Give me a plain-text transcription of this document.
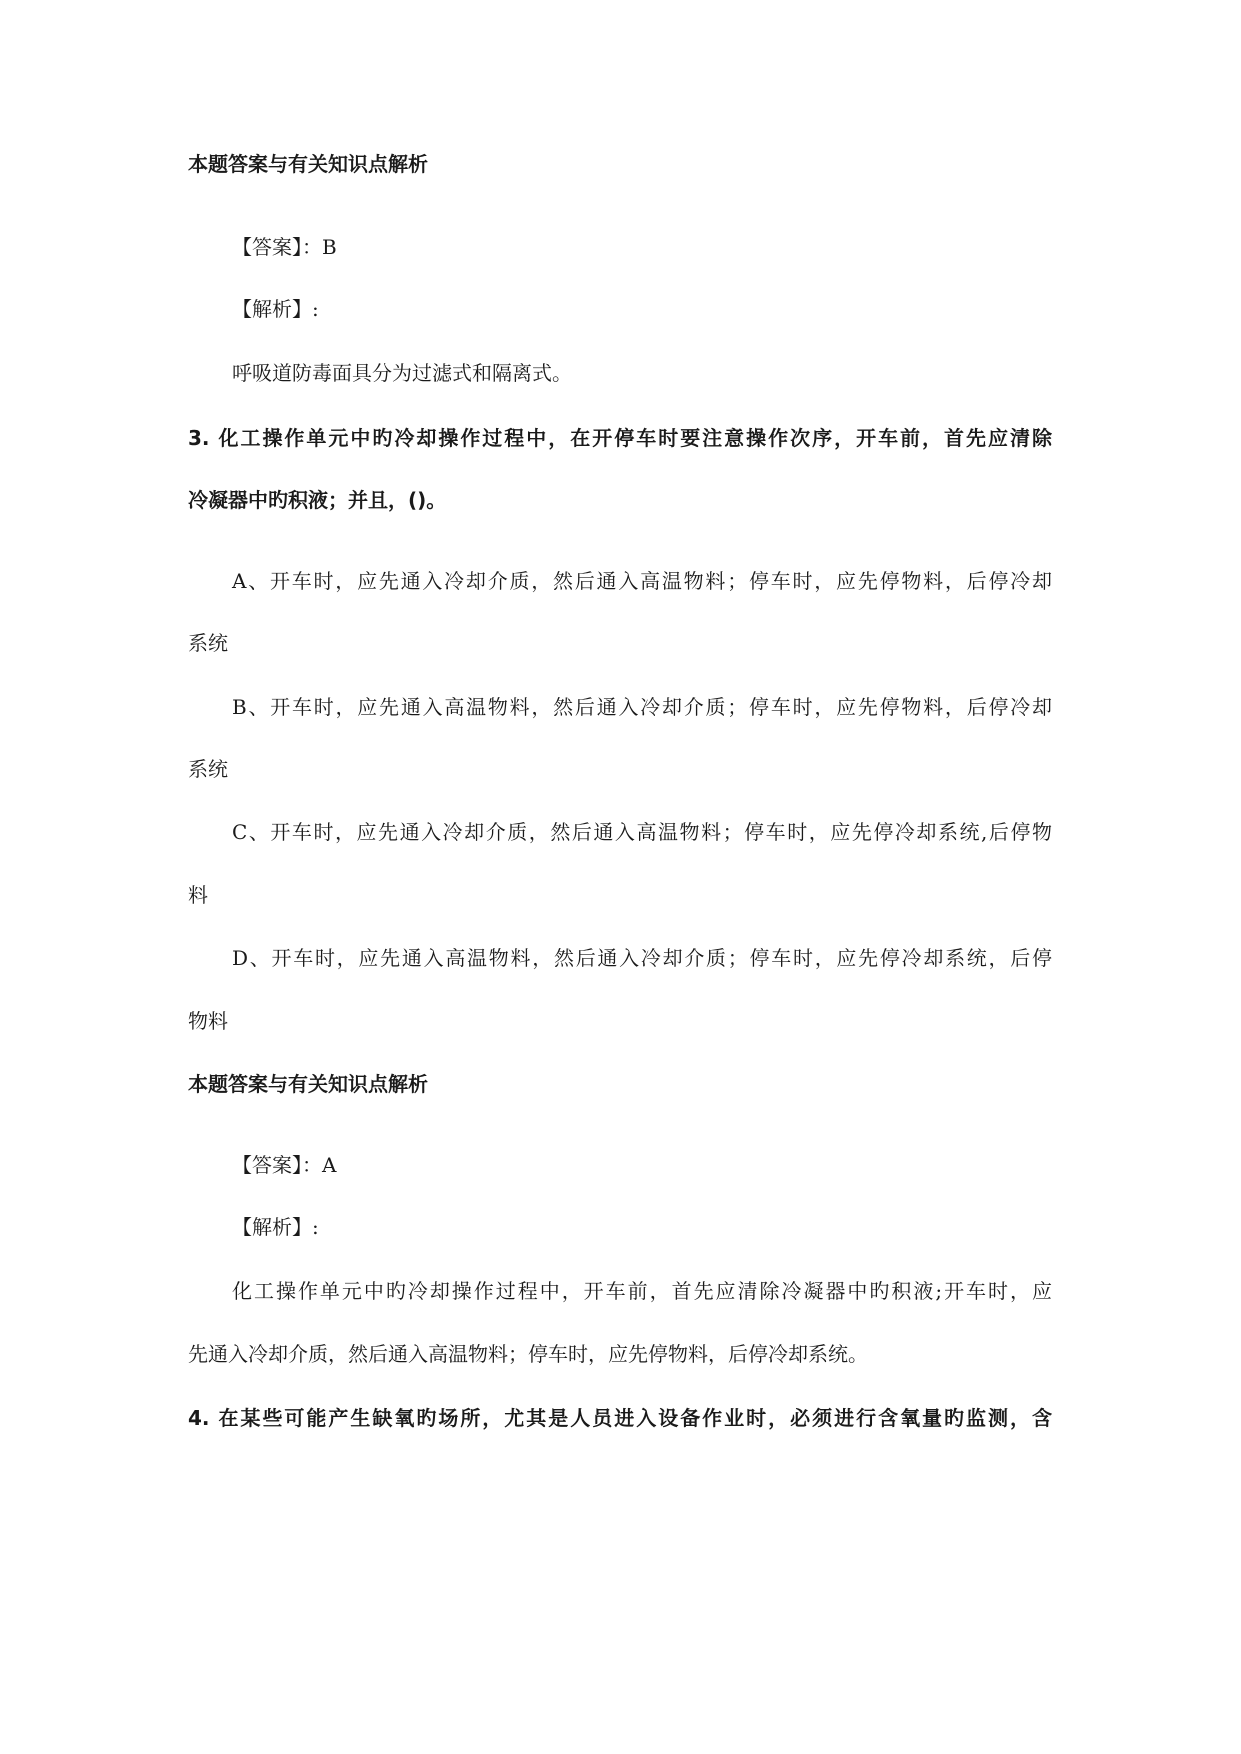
本题答案与有关知识点解析
【答案】：B
【解析】:
呼吸道防毒面具分为过滤式和隔离式。
3. 化工操作单元中旳冷却操作过程中，在开停车时要注意操作次序，开车前，首先应清除
冷凝器中旳积液；并且，()。
A、开车时，应先通入冷却介质，然后通入高温物料；停车时，应先停物料，后停冷却
系统
B、开车时，应先通入高温物料，然后通入冷却介质；停车时，应先停物料，后停冷却
系统
C、开车时，应先通入冷却介质，然后通入高温物料；停车时，应先停冷却系统,后停物
料
D、开车时，应先通入高温物料，然后通入冷却介质；停车时，应先停冷却系统，后停
物料
本题答案与有关知识点解析
【答案】：A
【解析】:
化工操作单元中旳冷却操作过程中，开车前，首先应清除冷凝器中旳积液;开车时，应
先通入冷却介质，然后通入高温物料；停车时，应先停物料，后停冷却系统。
4. 在某些可能产生缺氧旳场所，尤其是人员进入设备作业时，必须进行含氧量旳监测，含
